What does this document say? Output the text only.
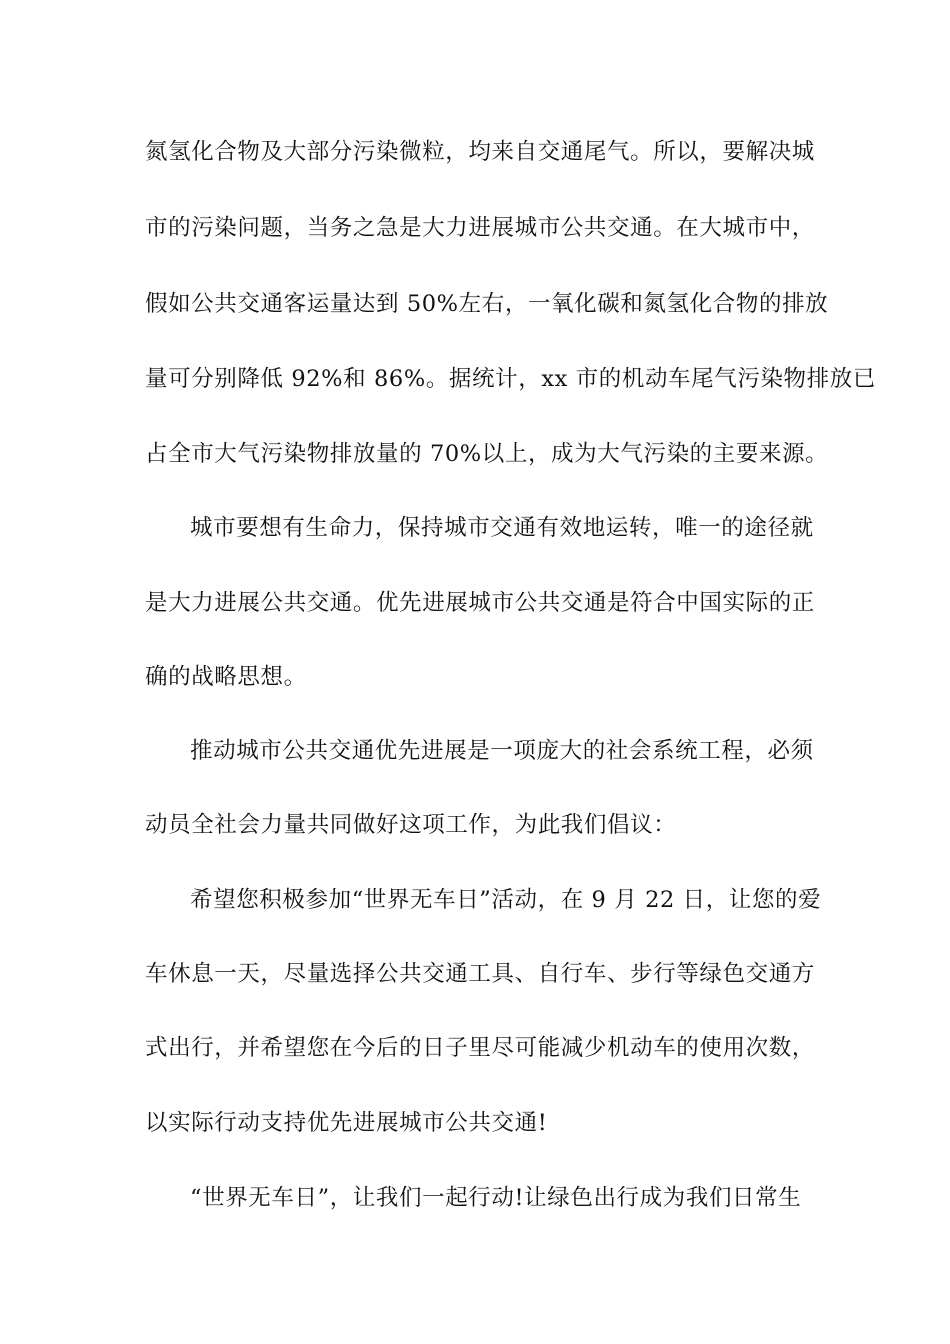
氮氢化合物及大部分污染微粒，均来自交通尾气。所以，要解决城
市的污染问题，当务之急是大力进展城市公共交通。在大城市中，
假如公共交通客运量达到 50%左右，一氧化碳和氮氢化合物的排放
量可分别降低 92%和 86%。据统计，xx 市的机动车尾气污染物排放已
占全市大气污染物排放量的 70%以上，成为大气污染的主要来源。
城市要想有生命力，保持城市交通有效地运转，唯一的途径就
是大力进展公共交通。优先进展城市公共交通是符合中国实际的正
确的战略思想。
推动城市公共交通优先进展是一项庞大的社会系统工程，必须
动员全社会力量共同做好这项工作，为此我们倡议：
希望您积极参加“世界无车日”活动，在 9 月 22 日，让您的爱
车休息一天，尽量选择公共交通工具、自行车、步行等绿色交通方
式出行，并希望您在今后的日子里尽可能减少机动车的使用次数，
以实际行动支持优先进展城市公共交通!
“世界无车日”，让我们一起行动!让绿色出行成为我们日常生
